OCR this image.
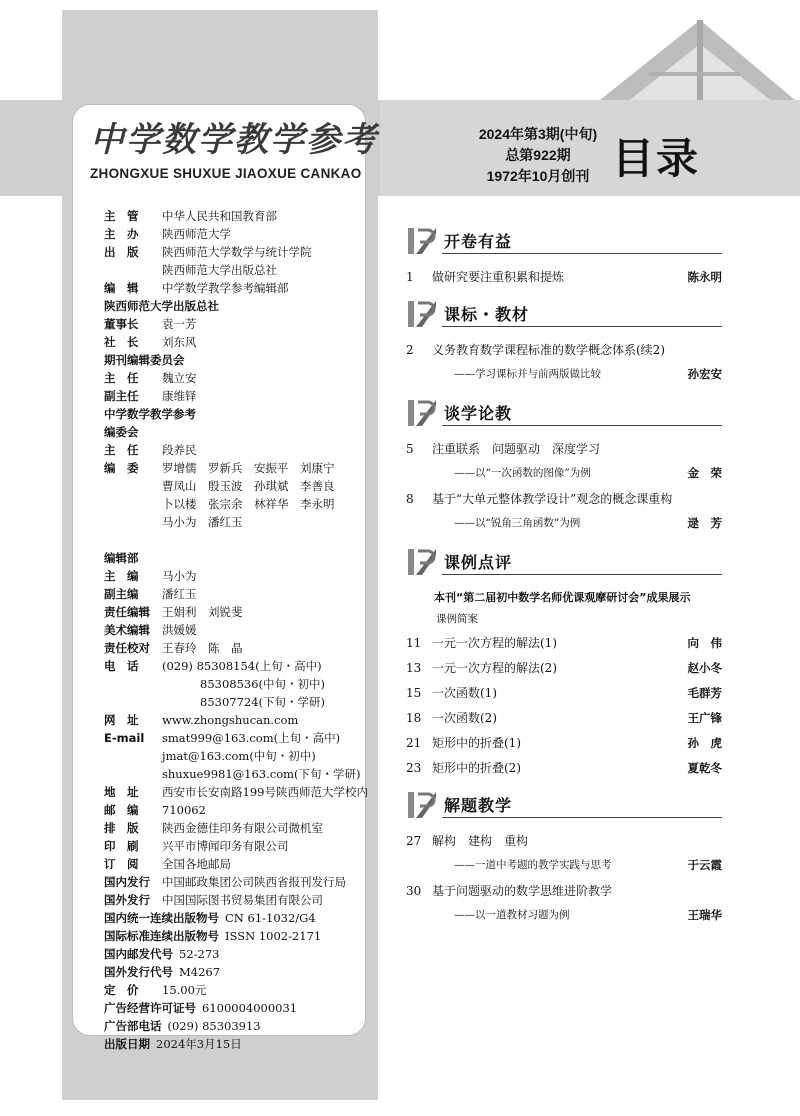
中学数学教学参考
ZHONGXUE SHUXUE JIAOXUE CANKAO
2024年第3期(中旬)
总第922期
1972年10月创刊 目录
主　管	中华人民共和国教育部
主　办	陕西师范大学
出　版	陕西师范大学数学与统计学院
陕西师范大学出版总社
编　辑	中学数学教学参考编辑部
陕西师范大学出版总社
董事长	袁一芳
社　长	刘东风
期刊编辑委员会
主　任	魏立安
副主任	康维铎
中学数学教学参考
编委会
主　任	段养民
编　委	罗增儒　罗新兵　安振平　刘康宁
曹凤山　殷玉波　孙琪斌　李善良
卜以楼　张宗余　林祥华　李永明
马小为　潘红玉
编辑部
主　编	马小为
副主编	潘红玉
责任编辑	王娟利　刘锐斐
美术编辑	洪媛媛
责任校对	王春玲　陈　晶
电　话	(029) 85308154(上旬・高中)
85308536(中旬・初中)
85307724(下旬・学研)
网　址	www.zhongshucan.com
E-mail	smat999@163.com(上旬・高中)
jmat@163.com(中旬・初中)
shuxue9981@163.com(下旬・学研)
地　址	西安市长安南路199号陕西师范大学校内
邮　编	710062
排　版	陕西金德佳印务有限公司微机室
印　刷	兴平市博闻印务有限公司
订　阅	全国各地邮局
国内发行	中国邮政集团公司陕西省报刊发行局
国外发行	中国国际图书贸易集团有限公司
国内统一连续出版物号 CN 61-1032/G4
国际标准连续出版物号 ISSN 1002-2171
国内邮发代号 52-273
国外发行代号 M4267
定　价	15.00元
广告经营许可证号 6100004000031
广告部电话 (029) 85303913
出版日期 2024年3月15日
开卷有益
1	做研究要注重积累和提炼	陈永明
课标・教材
2	义务教育数学课程标准的数学概念体系(续2)
——学习课标并与前两版做比较	孙宏安
谈学论教
5	注重联系　问题驱动　深度学习
——以“一次函数的图像”为例	金　荣
8	基于“大单元整体教学设计”观念的概念课重构
——以“锐角三角函数”为例	逯　芳
课例点评
本刊“第二届初中数学名师优课观摩研讨会”成果展示
课例简案
11 一元一次方程的解法(1)	向　伟
13 一元一次方程的解法(2)	赵小冬
15 一次函数(1)	毛群芳
18 一次函数(2)	王广锋
21 矩形中的折叠(1)	孙　虎
23 矩形中的折叠(2)	夏乾冬
解题教学
27 解构　建构　重构
——一道中考题的教学实践与思考	于云霞
30 基于问题驱动的数学思维进阶教学
——以一道教材习题为例	王瑞华
